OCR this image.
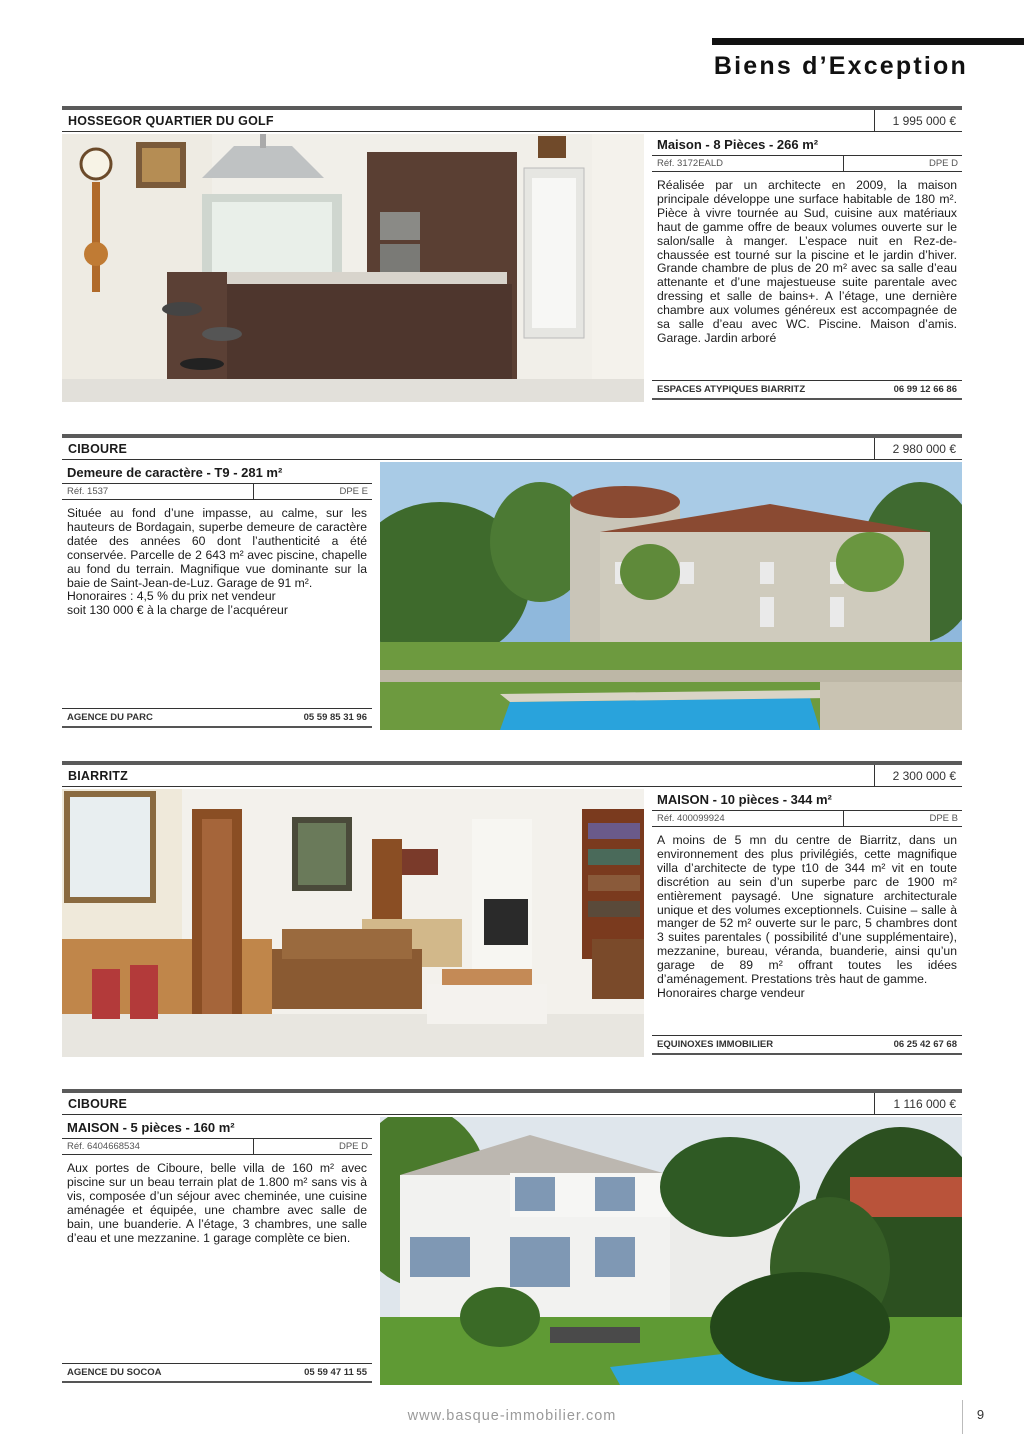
Biens d’Exception
HOSSEGOR QUARTIER DU GOLF	1 995 000 €
Maison - 8 Pièces - 266 m²
Réf. 3172EALD	DPE D
Réalisée par un architecte en 2009, la maison principale développe une surface habitable de 180 m². Pièce à vivre tournée au Sud, cuisine aux matériaux haut de gamme offre de beaux volumes ouverte sur le salon/salle à manger. L’espace nuit en Rez-de-chaussée est tourné sur la piscine et le jardin d’hiver. Grande chambre de plus de 20 m² avec sa salle d’eau attenante et d’une majestueuse suite parentale avec dressing et salle de bains+. A l’étage, une dernière chambre aux volumes généreux est accompagnée de sa salle d’eau avec WC. Piscine. Maison d’amis. Garage. Jardin arboré
ESPACES ATYPIQUES BIARRITZ	06 99 12 66 86
CIBOURE	2 980 000 €
Demeure de caractère - T9 - 281 m²
Réf. 1537	DPE E
Située au fond d’une impasse, au calme, sur les hauteurs de Bordagain, superbe demeure de caractère datée des années 60 dont l’authenticité a été conservée. Parcelle de 2 643 m² avec piscine, chapelle au fond du terrain. Magnifique vue dominante sur la baie de Saint-Jean-de-Luz. Garage de 91 m².
Honoraires : 4,5 % du prix net vendeur
soit 130 000 € à la charge de l’acquéreur
AGENCE DU PARC	05 59 85 31 96
BIARRITZ	2 300 000 €
MAISON - 10 pièces - 344 m²
Réf. 400099924	DPE B
A moins de 5 mn du centre de Biarritz, dans un environnement des plus privilégiés, cette magnifique villa d’architecte de type t10 de 344 m² vit en toute discrétion au sein d’un superbe parc de 1900 m² entièrement paysagé. Une signature architecturale unique et des volumes exceptionnels. Cuisine – salle à manger de 52 m² ouverte sur le parc, 5 chambres dont 3 suites parentales ( possibilité d’une supplémentaire), mezzanine, bureau, véranda, buanderie, ainsi qu’un garage de 89 m² offrant toutes les idées d’aménagement. Prestations très haut de gamme.
Honoraires charge vendeur
EQUINOXES IMMOBILIER	06 25 42 67 68
CIBOURE	1 116 000 €
MAISON - 5 pièces - 160 m²
Réf. 6404668534	DPE D
Aux portes de Ciboure, belle villa de 160 m² avec piscine sur un beau terrain plat de 1.800 m² sans vis à vis, composée d’un séjour avec cheminée, une cuisine aménagée et équipée, une chambre avec salle de bain, une buanderie. A l’étage, 3 chambres, une salle d’eau et une mezzanine. 1 garage complète ce bien.
AGENCE DU SOCOA	05 59 47 11 55
www.basque-immobilier.com	9
